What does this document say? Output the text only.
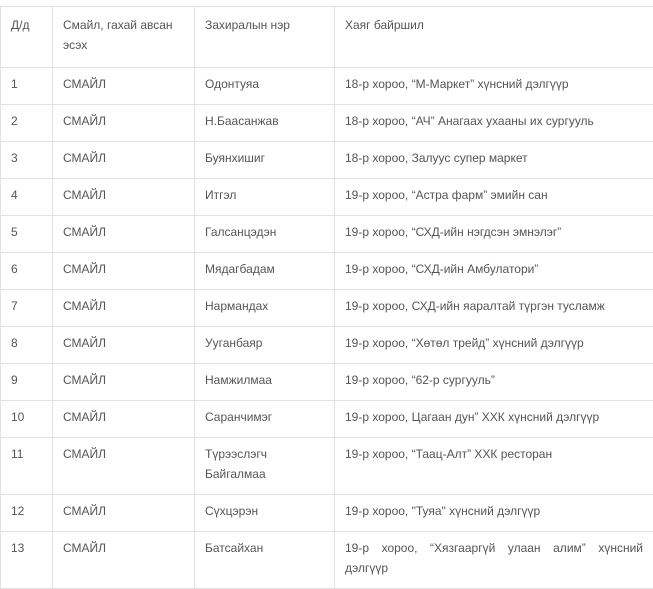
Д/д	Смайл, гахай авсан эсэх	Захиралын нэр	Хаяг байршил
1	СМАЙЛ	Одонтуяа	18-р хороо, “М-Маркет” хүнсний дэлгүүр
2	СМАЙЛ	Н.Баасанжав	18-р хороо, “АЧ” Анагаах ухааны их сургууль
3	СМАЙЛ	Буянхишиг	18-р хороо, Залуус супер маркет
4	СМАЙЛ	Итгэл	19-р хороо, “Астра фарм” эмийн сан
5	СМАЙЛ	Галсанцэдэн	19-р хороо, “СХД-ийн нэгдсэн эмнэлэг”
6	СМАЙЛ	Мядагбадам	19-р хороо, “СХД-ийн Амбулатори”
7	СМАЙЛ	Нармандах	19-р хороо, СХД-ийн яаралтай түргэн тусламж
8	СМАЙЛ	Ууганбаяр	19-р хороо, “Хөтөл трейд” хүнсний дэлгүүр
9	СМАЙЛ	Намжилмаа	19-р хороо, “62-р сургууль”
10	СМАЙЛ	Саранчимэг	19-р хороо, Цагаан дун” ХХК хүнсний дэлгүүр
11	СМАЙЛ	Түрээслэгч Байгалмаа	19-р хороо, “Таац-Алт” ХХК ресторан
12	СМАЙЛ	Сүхцэрэн	19-р хороо, "Туяа" хүнсний дэлгүүр
13	СМАЙЛ	Батсайхан	19-р хороо, “Хязгааргүй улаан алим” хүнсний дэлгүүр
